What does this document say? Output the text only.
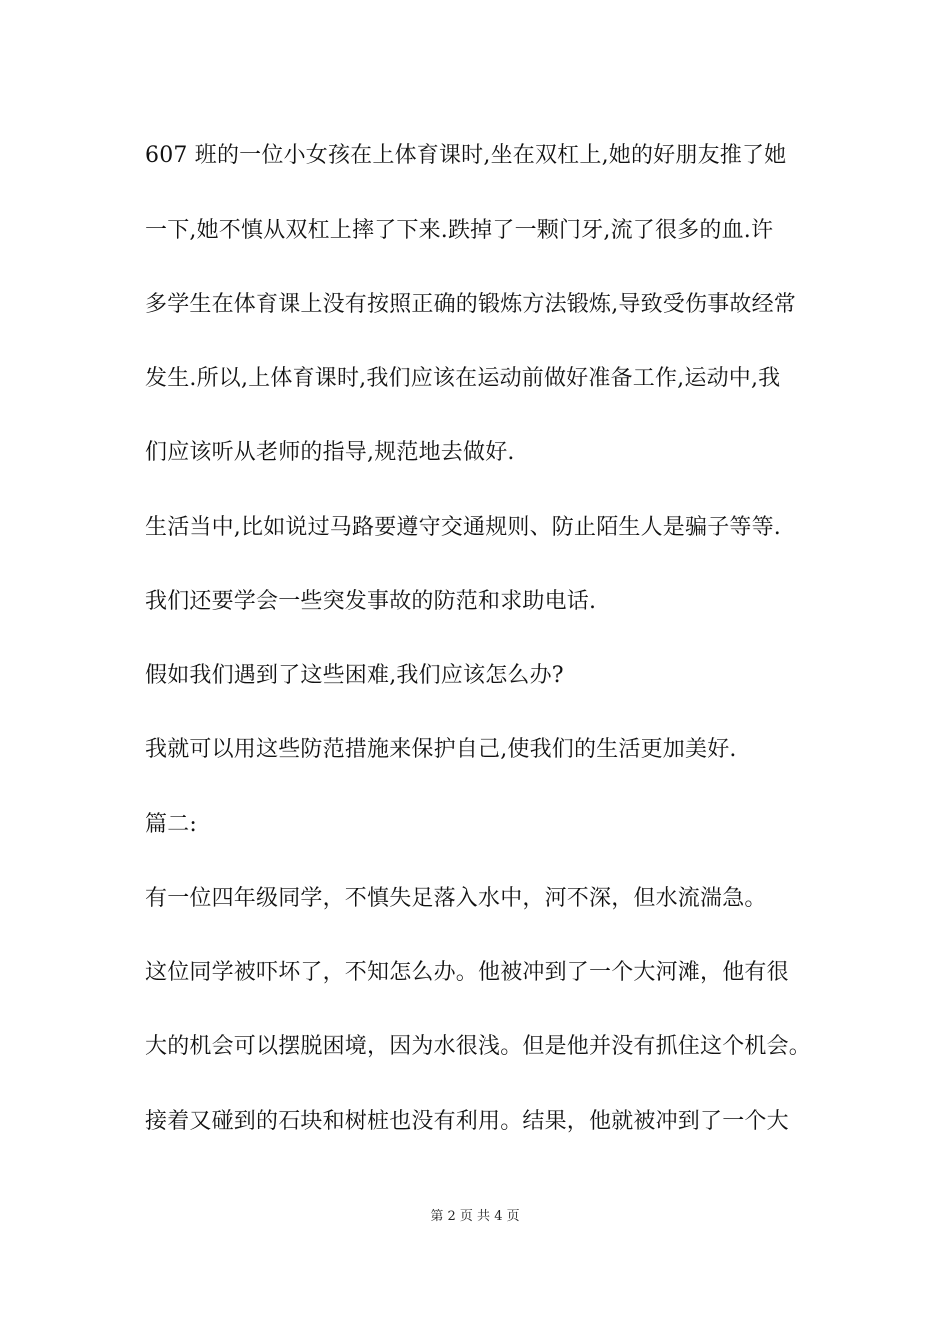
607 班的一位小女孩在上体育课时,坐在双杠上,她的好朋友推了她
一下,她不慎从双杠上摔了下来.跌掉了一颗门牙,流了很多的血.许
多学生在体育课上没有按照正确的锻炼方法锻炼,导致受伤事故经常
发生.所以,上体育课时,我们应该在运动前做好准备工作,运动中,我
们应该听从老师的指导,规范地去做好.
生活当中,比如说过马路要遵守交通规则、防止陌生人是骗子等等.
我们还要学会一些突发事故的防范和求助电话.
假如我们遇到了这些困难,我们应该怎么办?
我就可以用这些防范措施来保护自己,使我们的生活更加美好.
篇二:
有一位四年级同学，不慎失足落入水中，河不深，但水流湍急。
这位同学被吓坏了，不知怎么办。他被冲到了一个大河滩，他有很
大的机会可以摆脱困境，因为水很浅。但是他并没有抓住这个机会。
接着又碰到的石块和树桩也没有利用。结果，他就被冲到了一个大
第 2 页 共 4 页
